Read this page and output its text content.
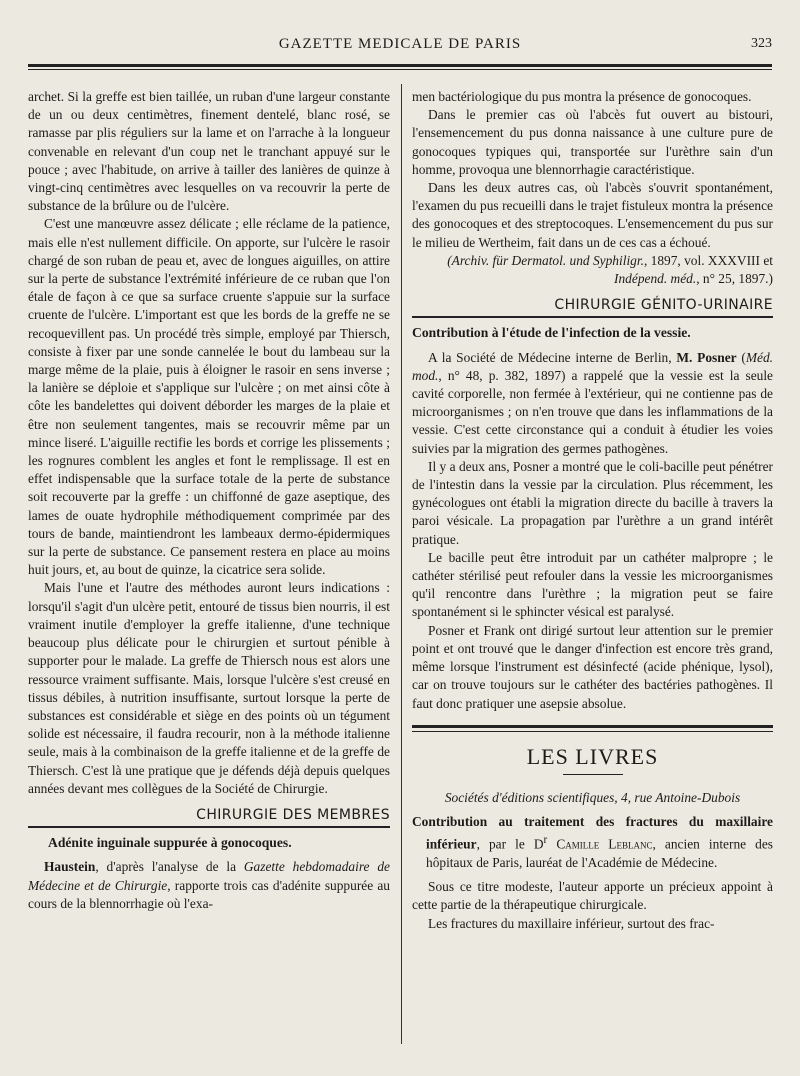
GAZETTE MEDICALE DE PARIS	323

archet. Si la greffe est bien taillée, un ruban d'une largeur constante de un ou deux centimètres, finement dentelé, blanc rosé, se ramasse par plis réguliers sur la lame et on l'arrache à la longueur convenable en relevant d'un coup net le tranchant appuyé sur le pouce ; avec l'habitude, on arrive à tailler des lanières de quinze à vingt-cinq centimètres avec lesquelles on va recouvrir la perte de substance de la brûlure ou de l'ulcère.

C'est une manœuvre assez délicate ; elle réclame de la patience, mais elle n'est nullement difficile. On apporte, sur l'ulcère le rasoir chargé de son ruban de peau et, avec de longues aiguilles, on attire sur la perte de substance l'extrémité inférieure de ce ruban que l'on étale de façon à ce que sa surface cruente s'appuie sur la surface cruente de l'ulcère. L'important est que les bords de la greffe ne se recoquevillent pas. Un procédé très simple, employé par Thiersch, consiste à fixer par une sonde cannelée le bout du lambeau sur la marge même de la plaie, puis à éloigner le rasoir en sens inverse ; la lanière se déploie et s'applique sur l'ulcère ; on met ainsi côte à côte les bandelettes qui doivent déborder les marges de la plaie et être non seulement tangentes, mais se recouvrir même par un mince liseré. L'aiguille rectifie les bords et corrige les plissements ; les rognures comblent les angles et font le remplissage. Il est en effet indispensable que la surface totale de la perte de substance soit recouverte par la greffe : un chiffonné de gaze aseptique, des lames de ouate hydrophile méthodiquement comprimée par des tours de bande, maintiendront les lambeaux dermo-épidermiques sur la perte de substance. Ce pansement restera en place au moins huit jours, et, au bout de quinze, la cicatrice sera solide.

Mais l'une et l'autre des méthodes auront leurs indications : lorsqu'il s'agit d'un ulcère petit, entouré de tissus bien nourris, il est vraiment inutile d'employer la greffe italienne, d'une technique beaucoup plus délicate pour le chirurgien et surtout pénible à supporter pour le malade. La greffe de Thiersch nous est alors une ressource vraiment suffisante. Mais, lorsque l'ulcère s'est creusé en tissus débiles, à nutrition insuffisante, surtout lorsque la perte de substances est considérable et siège en des points où un tégument solide est nécessaire, il faudra recourir, non à la méthode italienne seule, mais à la combinaison de la greffe italienne et de la greffe de Thiersch. C'est là une pratique que je défends déjà depuis quelques années devant mes collègues de la Société de Chirurgie.

CHIRURGIE DES MEMBRES
Adénite inguinale suppurée à gonocoques.

Haustein, d'après l'analyse de la Gazette hebdomadaire de Médecine et de Chirurgie, rapporte trois cas d'adénite suppurée au cours de la blennorrhagie où l'exa-

men bactériologique du pus montra la présence de gonocoques.

Dans le premier cas où l'abcès fut ouvert au bistouri, l'ensemencement du pus donna naissance à une culture pure de gonocoques typiques qui, transportée sur l'urèthre sain d'un homme, provoqua une blennorrhagie caractéristique.

Dans les deux autres cas, où l'abcès s'ouvrit spontanément, l'examen du pus recueilli dans le trajet fistuleux montra la présence des gonocoques et des streptocoques. L'ensemencement du pus sur le milieu de Wertheim, fait dans un de ces cas a échoué.

(Archiv. für Dermatol. und Syphiligr., 1897, vol. XXXVIII et Indépend. méd., n° 25, 1897.)

CHIRURGIE GÉNITO-URINAIRE
Contribution à l'étude de l'infection de la vessie.

A la Société de Médecine interne de Berlin, M. Posner (Méd. mod., n° 48, p. 382, 1897) a rappelé que la vessie est la seule cavité corporelle, non fermée à l'extérieur, qui ne contienne pas de microorganismes ; on n'en trouve que dans les inflammations de la vessie. C'est cette circonstance qui a conduit à étudier les voies suivies par la migration des germes pathogènes.

Il y a deux ans, Posner a montré que le coli-bacille peut pénétrer de l'intestin dans la vessie par la circulation. Plus récemment, les gynécologues ont établi la migration directe du bacille à travers la paroi vésicale. La propagation par l'urèthre a un grand intérêt pratique.

Le bacille peut être introduit par un cathéter malpropre ; le cathéter stérilisé peut refouler dans la vessie les microorganismes qu'il rencontre dans l'urèthre ; la migration peut se faire spontanément si le sphincter vésical est paralysé.

Posner et Frank ont dirigé surtout leur attention sur le premier point et ont trouvé que le danger d'infection est encore très grand, même lorsque l'instrument est désinfecté (acide phénique, lysol), car on trouve toujours sur le cathéter des bactéries pathogènes. Il faut donc pratiquer une asepsie absolue.

LES LIVRES
Sociétés d'éditions scientifiques, 4, rue Antoine-Dubois

Contribution au traitement des fractures du maxillaire inférieur, par le $D^r$ Camille Leblanc, ancien interne des hôpitaux de Paris, lauréat de l'Académie de Médecine.

Sous ce titre modeste, l'auteur apporte un précieux appoint à cette partie de la thérapeutique chirurgicale.

Les fractures du maxillaire inférieur, surtout des frac-
